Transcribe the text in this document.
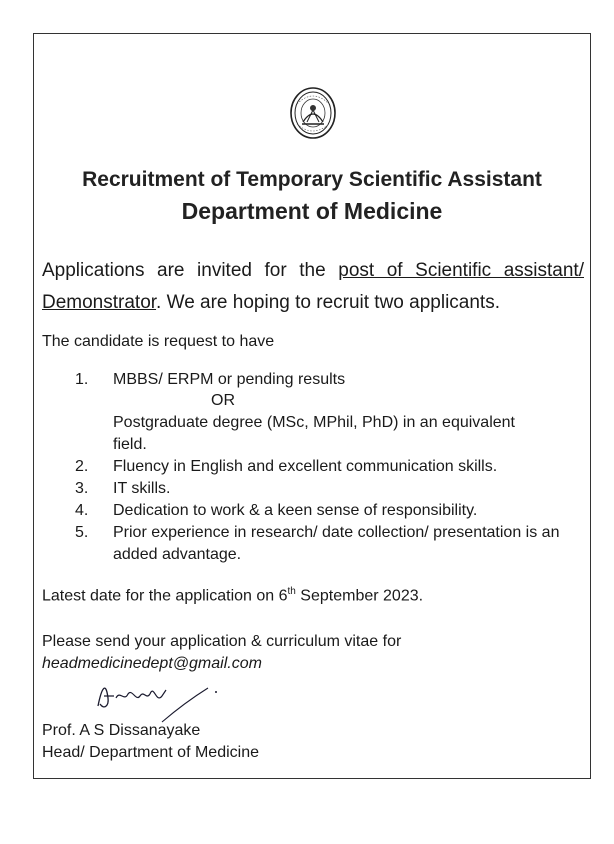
Recruitment of Temporary Scientific Assistant
Department of Medicine
Applications are invited for the post of Scientific assistant/ Demonstrator. We are hoping to recruit two applicants.
The candidate is request to have
1.	MBBS/ ERPM or pending results
OR
Postgraduate degree (MSc, MPhil, PhD) in an equivalent field.
2.	Fluency in English and excellent communication skills.
3.	IT skills.
4.	Dedication to work & a keen sense of responsibility.
5.	Prior experience in research/ date collection/ presentation is an added advantage.
Latest date for the application on 6th September 2023.
Please send your application & curriculum vitae for
headmedicinedept@gmail.com
Prof. A S Dissanayake
Head/ Department of Medicine
